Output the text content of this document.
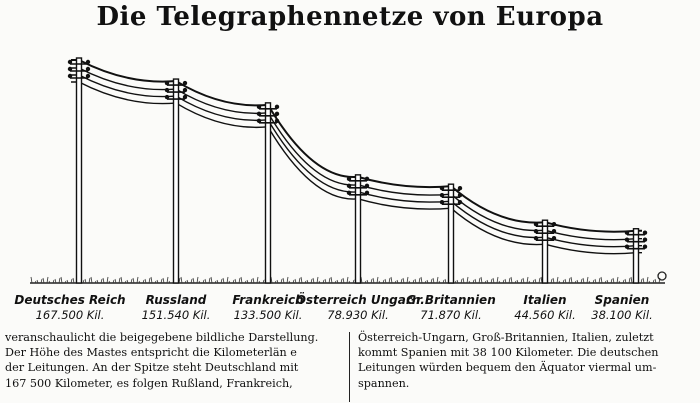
Die Telegraphennetze von Europa
Deutsches Reich
167.500 Kil.
Russland
151.540 Kil.
Frankreich
133.500 Kil.
Österreich Ungarn
78.930 Kil.
Gr.Britannien
71.870 Kil.
Italien
44.560 Kil.
Spanien
38.100 Kil.
veranschaulicht die beigegebene bildliche Darstellung.
Der Höhe des Mastes entspricht die Kilometerlän e
der Leitungen. An der Spitze steht Deutschland mit
167 500 Kilometer, es folgen Rußland, Frankreich,
Österreich-Ungarn, Groß-Britannien, Italien, zuletzt
kommt Spanien mit 38 100 Kilometer. Die deutschen
Leitungen würden bequem den Äquator viermal um-
spannen.
